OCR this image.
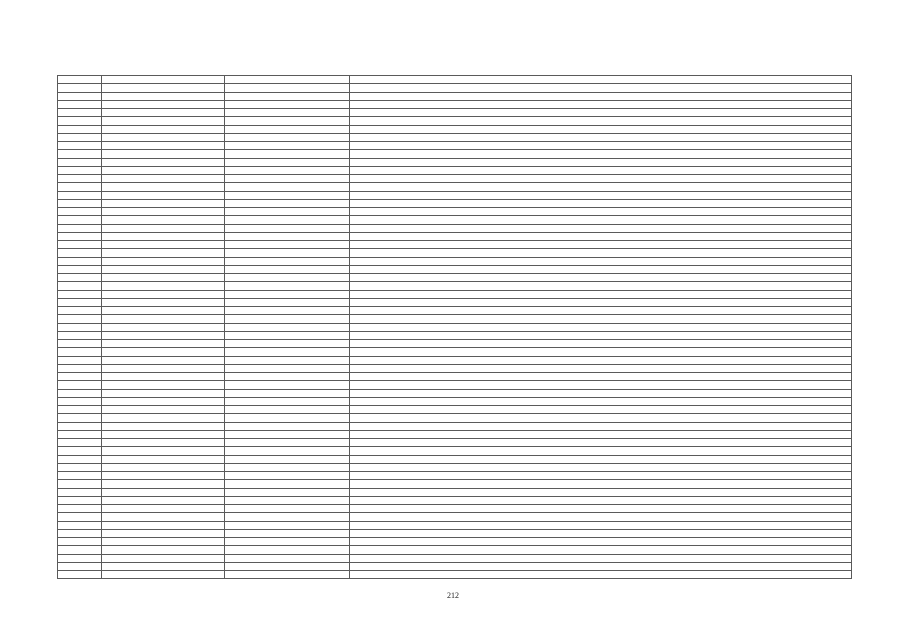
212
